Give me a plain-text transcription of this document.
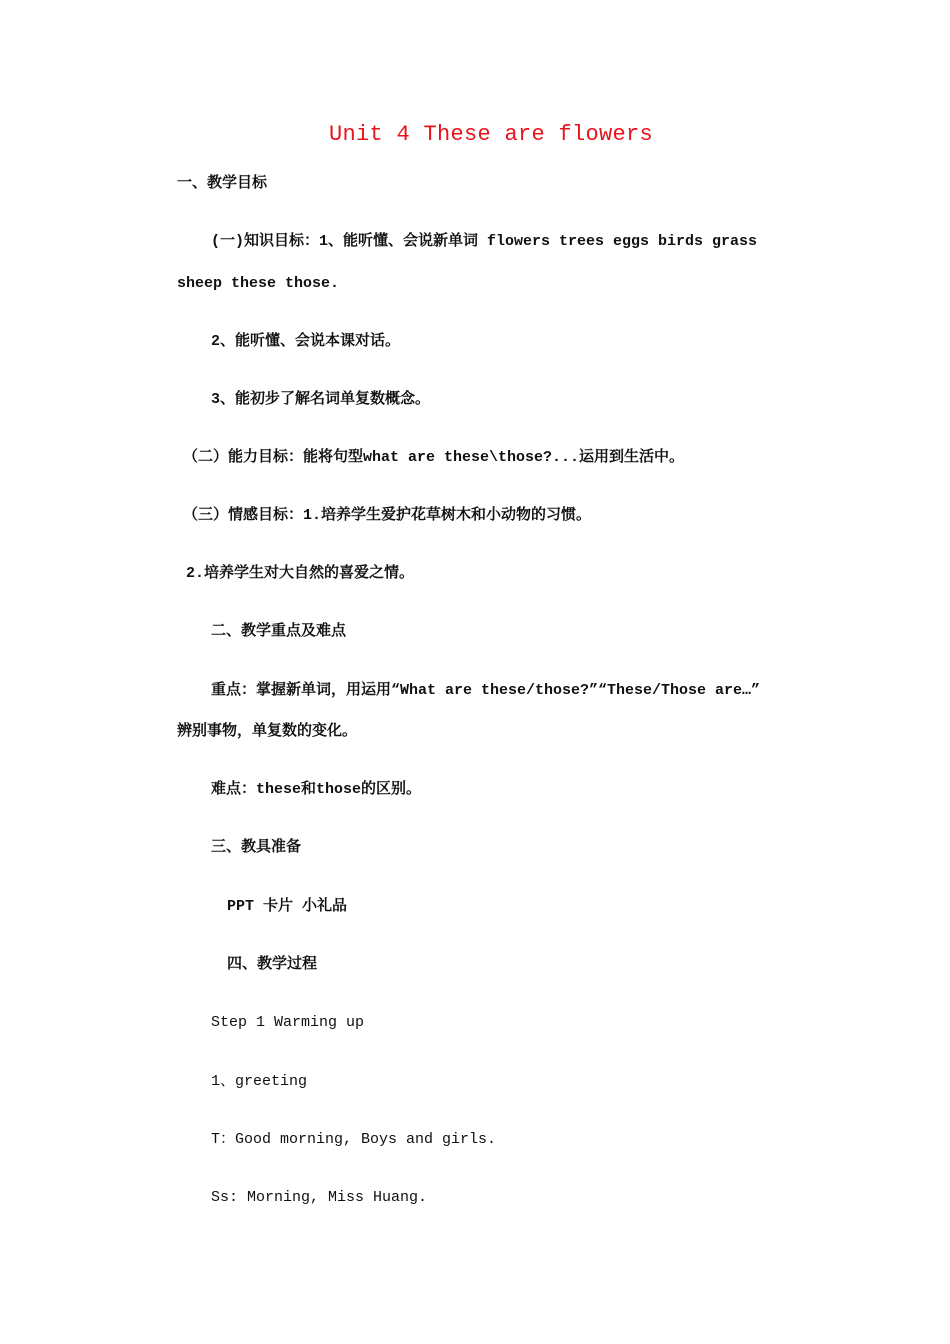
Unit 4 These are flowers
一、教学目标
(一)知识目标：1、能听懂、会说新单词 flowers trees eggs birds grass
sheep these those.
2、能听懂、会说本课对话。
3、能初步了解名词单复数概念。
（二）能力目标：能将句型what are these\those?...运用到生活中。
（三）情感目标：1.培养学生爱护花草树木和小动物的习惯。
2.培养学生对大自然的喜爱之情。
二、教学重点及难点
重点：掌握新单词，用运用“What are these/those?”“These/Those are…”
辨别事物，单复数的变化。
难点：these和those的区别。
三、教具准备
PPT 卡片 小礼品
四、教学过程
Step 1 Warming up
1、greeting
T：Good morning, Boys and girls.
Ss: Morning, Miss Huang.
